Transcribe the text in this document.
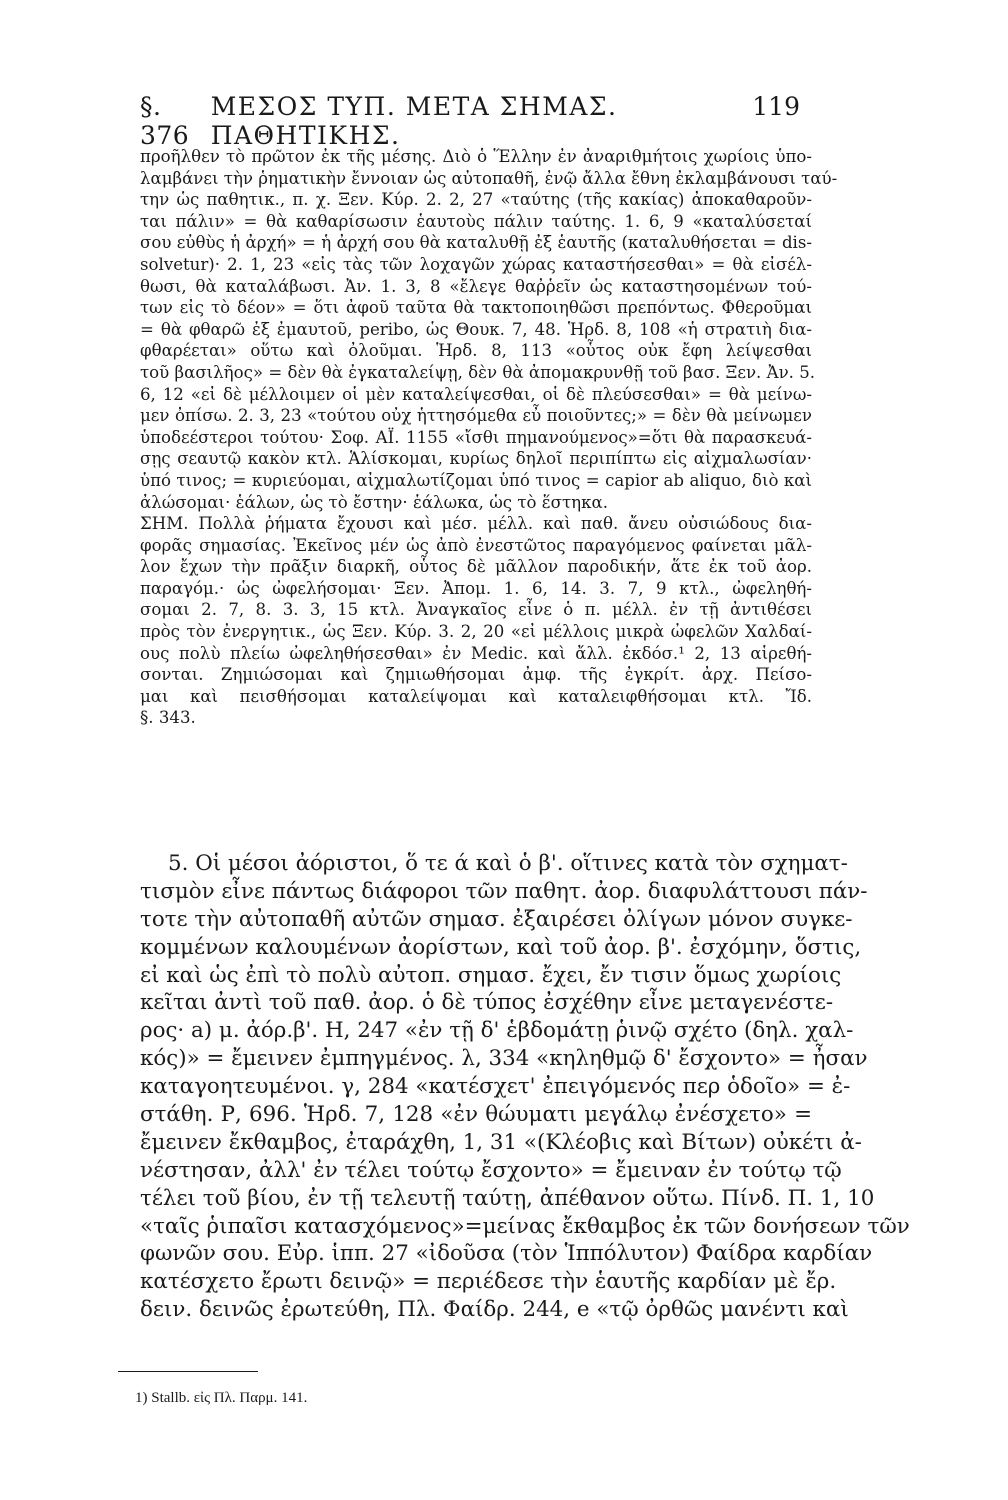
§. 376
ΜΕΣΟΣ ΤΥΠ. ΜΕΤΑ ΣΗΜΑΣ. ΠΑΘΗΤΙΚΗΣ.
119
προῆλθεν τὸ πρῶτον ἐκ τῆς μέσης. Διὸ ὁ Ἕλλην ἐν ἀναριθμήτοις χωρίοις ὑπο-
λαμβάνει τὴν ῥηματικὴν ἔννοιαν ὡς αὐτοπαθῆ, ἐνῷ ἄλλα ἔθνη ἐκλαμβάνουσι ταύ-
την ὡς παθητικ., π. χ. Ξεν. Κύρ. 2. 2, 27 «ταύτης (τῆς κακίας) ἀποκαθαροῦν-
ται πάλιν» = θὰ καθαρίσωσιν ἑαυτοὺς πάλιν ταύτης. 1. 6, 9 «καταλύσεταί
σου εὐθὺς ἡ ἀρχή» = ἡ ἀρχή σου θὰ καταλυθῇ ἐξ ἑαυτῆς (καταλυθήσεται = dis-
solvetur)· 2. 1, 23 «εἰς τὰς τῶν λοχαγῶν χώρας καταστήσεσθαι» = θὰ εἰσέλ-
θωσι, θὰ καταλάβωσι. Ἀν. 1. 3, 8 «ἔλεγε θαῤῥεῖν ὡς καταστησομένων τού-
των εἰς τὸ δέον» = ὅτι ἀφοῦ ταῦτα θὰ τακτοποιηθῶσι πρεπόντως. Φθεροῦμαι
= θὰ φθαρῶ ἐξ ἐμαυτοῦ, peribo, ὡς Θουκ. 7, 48. Ἡρδ. 8, 108 «ἡ στρατιὴ δια-
φθαρέεται» οὕτω καὶ ὀλοῦμαι. Ἡρδ. 8, 113 «οὗτος οὐκ ἔφη λείψεσθαι
τοῦ βασιλῆος» = δὲν θὰ ἐγκαταλείψῃ, δὲν θὰ ἀπομακρυνθῇ τοῦ βασ. Ξεν. Ἀν. 5.
6, 12 «εἰ δὲ μέλλοιμεν οἱ μὲν καταλείψεσθαι, οἱ δὲ πλεύσεσθαι» = θὰ μείνω-
μεν ὀπίσω. 2. 3, 23 «τούτου οὐχ ἡττησόμεθα εὖ ποιοῦντες;» = δὲν θὰ μείνωμεν
ὑποδεέστεροι τούτου· Σοφ. ΑΪ. 1155 «ἴσθι πημανούμενος»=ὅτι θὰ παρασκευά-
σῃς σεαυτῷ κακὸν κτλ. Ἁλίσκομαι, κυρίως δηλοῖ περιπίπτω εἰς αἰχμαλωσίαν·
ὑπό τινος; = κυριεύομαι, αἰχμαλωτίζομαι ὑπό τινος = capior ab aliquo, διὸ καὶ
ἀλώσομαι· ἑάλων, ὡς τὸ ἔστην· ἑάλωκα, ὡς τὸ ἕστηκα.
ΣΗΜ. Πολλὰ ῥήματα ἔχουσι καὶ μέσ. μέλλ. καὶ παθ. ἄνευ οὐσιώδους δια-
φορᾶς σημασίας. Ἐκεῖνος μέν ὡς ἀπὸ ἐνεστῶτος παραγόμενος φαίνεται μᾶλ-
λον ἔχων τὴν πρᾶξιν διαρκῆ, οὗτος δὲ μᾶλλον παροδικήν, ἅτε ἐκ τοῦ ἀορ.
παραγόμ.· ὡς ὠφελήσομαι· Ξεν. Ἀπομ. 1. 6, 14. 3. 7, 9 κτλ., ὠφεληθή-
σομαι 2. 7, 8. 3. 3, 15 κτλ. Ἀναγκαῖος εἶνε ὁ π. μέλλ. ἐν τῇ ἀντιθέσει
πρὸς τὸν ἐνεργητικ., ὡς Ξεν. Κύρ. 3. 2, 20 «εἰ μέλλοις μικρὰ ὠφελῶν Χαλδαί-
ους πολὺ πλείω ὠφεληθήσεσθαι» ἐν Medic. καὶ ἄλλ. ἐκδόσ.¹ 2, 13 αἱρεθή-
σονται. Ζημιώσομαι καὶ ζημιωθήσομαι ἀμφ. τῆς ἐγκρίτ. ἀρχ. Πείσο-
μαι καὶ πεισθήσομαι καταλείψομαι καὶ καταλειφθήσομαι κτλ. Ἴδ.
§. 343.
5. Οἱ μέσοι ἀόριστοι, ὅ τε ά καὶ ὁ β'. οἵτινες κατὰ τὸν σχηματ-
τισμὸν εἶνε πάντως διάφοροι τῶν παθητ. ἀορ. διαφυλάττουσι πάν-
τοτε τὴν αὐτοπαθῆ αὐτῶν σημασ. ἐξαιρέσει ὀλίγων μόνον συγκε-
κομμένων καλουμένων ἀορίστων, καὶ τοῦ ἀορ. β'. ἐσχόμην, ὅστις,
εἰ καὶ ὡς ἐπὶ τὸ πολὺ αὐτοπ. σημασ. ἔχει, ἔν τισιν ὅμως χωρίοις
κεῖται ἀντὶ τοῦ παθ. ἀορ. ὁ δὲ τύπος ἐσχέθην εἶνε μεταγενέστε-
ρος· a) μ. ἀόρ.β'. Η, 247 «ἐν τῇ δ' ἑβδομάτῃ ῥινῷ σχέτο (δηλ. χαλ-
κός)» = ἔμεινεν ἐμπηγμένος. λ, 334 «κηληθμῷ δ' ἔσχοντο» = ἦσαν
καταγοητευμένοι. γ, 284 «κατέσχετ' ἐπειγόμενός περ ὁδοῖο» = ἐ-
στάθη. Ρ, 696. Ἡρδ. 7, 128 «ἐν θώυματι μεγάλῳ ἐνέσχετο» =
ἔμεινεν ἔκθαμβος, ἐταράχθη, 1, 31 «(Κλέοβις καὶ Βίτων) οὐκέτι ἀ-
νέστησαν, ἀλλ' ἐν τέλει τούτῳ ἔσχοντο» = ἔμειναν ἐν τούτῳ τῷ
τέλει τοῦ βίου, ἐν τῇ τελευτῇ ταύτῃ, ἀπέθανον οὕτω. Πίνδ. Π. 1, 10
«ταῖς ῥιπαῖσι κατασχόμενος»=μείνας ἔκθαμβος ἐκ τῶν δονήσεων τῶν
φωνῶν σου. Εὐρ. ἱππ. 27 «ἰδοῦσα (τὸν Ἱππόλυτον) Φαίδρα καρδίαν
κατέσχετο ἔρωτι δεινῷ» = περιέδεσε τὴν ἑαυτῆς καρδίαν μὲ ἔρ.
δειν. δεινῶς ἐρωτεύθη, Πλ. Φαίδρ. 244, e «τῷ ὀρθῶς μανέντι καὶ
1) Stallb. εἰς Πλ. Παρμ. 141.
